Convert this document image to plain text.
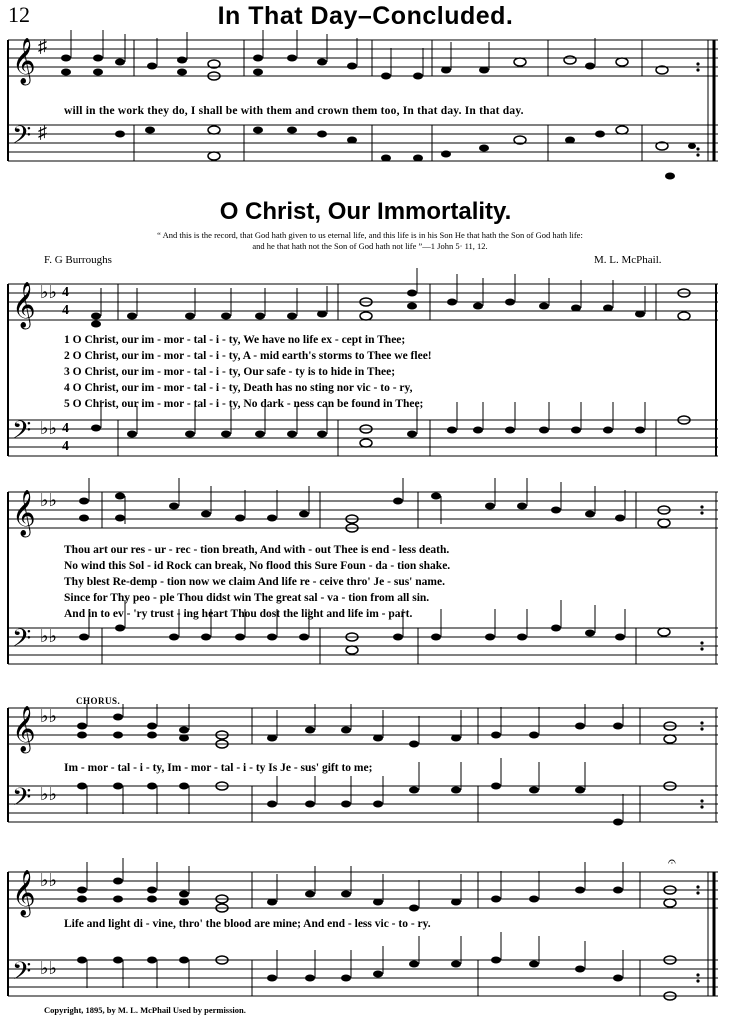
12	In That Day–Concluded.
𝄞
𝄢
♯
♯
will in the work they do, I shall be with them and crown them too, In that day. In that day.
O Christ, Our Immortality.
“ And this is the record, that God hath given to us eternal life, and this life is in his Son He that hath the Son of God hath life:
and he that hath not the Son of God hath not life ”—1 John 5· 11, 12.
F. G Burroughs	M. L. McPhail.
𝄞
𝄢
♭♭
♭♭
4
4
4
4
1 O Christ, our im - mor - tal - i - ty, We have no life ex - cept in Thee;
2 O Christ, our im - mor - tal - i - ty, A - mid earth's storms to Thee we flee!
3 O Christ, our im - mor - tal - i - ty, Our safe - ty is to hide in Thee;
4 O Christ, our im - mor - tal - i - ty, Death has no sting nor vic - to - ry,
5 O Christ, our im - mor - tal - i - ty, No dark - ness can be found in Thee;
𝄞
𝄢
♭♭
♭♭
Thou art our res - ur - rec - tion breath, And with - out Thee is end - less death.
No wind this Sol - id Rock can break, No flood this Sure Foun - da - tion shake.
Thy blest Re-demp - tion now we claim And life re - ceive thro' Je - sus' name.
Since for Thy peo - ple Thou didst win The great sal - va - tion from all sin.
And in to ev - 'ry trust - ing heart Thou dost the light and life im - part.
CHORUS.
𝄞
𝄢
♭♭
♭♭
Im - mor - tal - i - ty, Im - mor - tal - i - ty Is Je - sus' gift to me;
𝄞
𝄢
♭♭
♭♭
𝄐
Life and light di - vine, thro' the blood are mine; And end - less vic - to - ry.
Copyright, 1895, by M. L. McPhail Used by permission.
